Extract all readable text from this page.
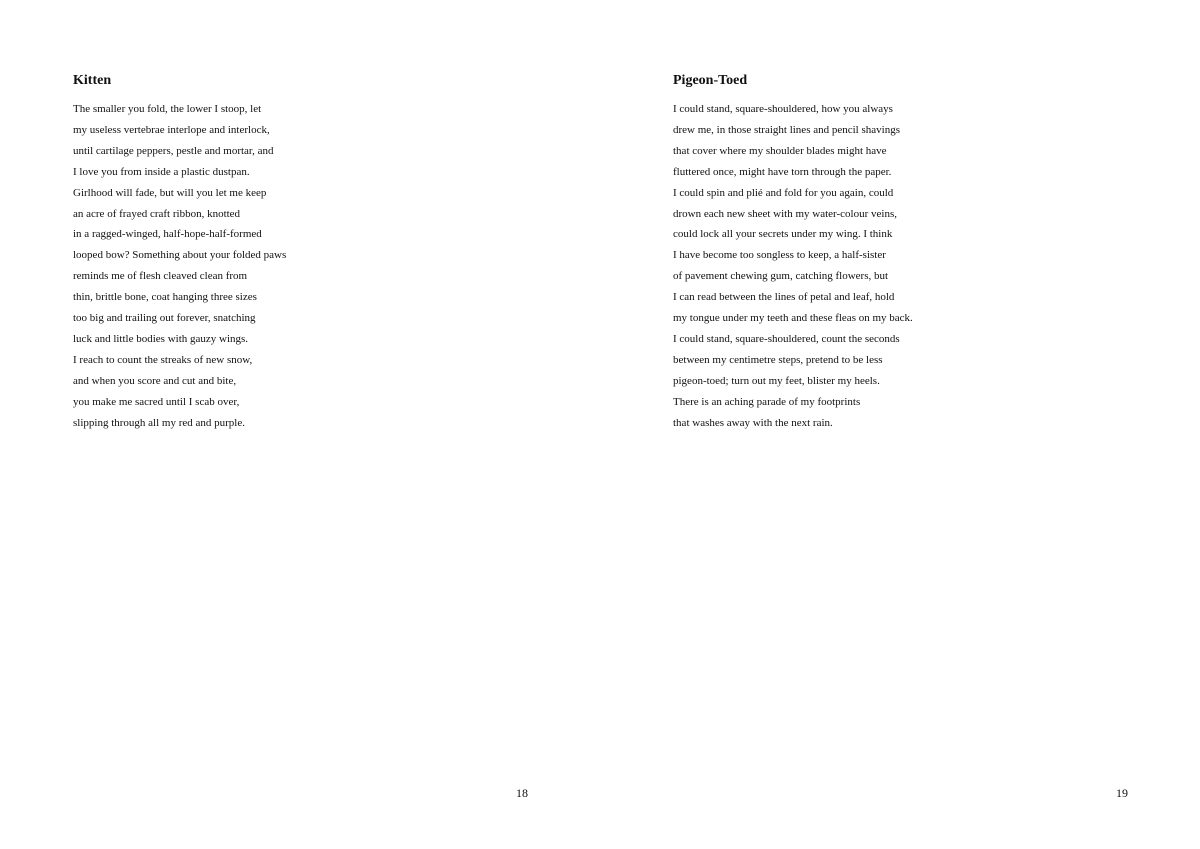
Kitten
The smaller you fold, the lower I stoop, let
my useless vertebrae interlope and interlock,
until cartilage peppers, pestle and mortar, and
I love you from inside a plastic dustpan.
Girlhood will fade, but will you let me keep
an acre of frayed craft ribbon, knotted
in a ragged-winged, half-hope-half-formed
looped bow? Something about your folded paws
reminds me of flesh cleaved clean from
thin, brittle bone, coat hanging three sizes
too big and trailing out forever, snatching
luck and little bodies with gauzy wings.
I reach to count the streaks of new snow,
and when you score and cut and bite,
you make me sacred until I scab over,
slipping through all my red and purple.
18
Pigeon-Toed
I could stand, square-shouldered, how you always
drew me, in those straight lines and pencil shavings
that cover where my shoulder blades might have
fluttered once, might have torn through the paper.
I could spin and plié and fold for you again, could
drown each new sheet with my water-colour veins,
could lock all your secrets under my wing. I think
I have become too songless to keep, a half-sister
of pavement chewing gum, catching flowers, but
I can read between the lines of petal and leaf, hold
my tongue under my teeth and these fleas on my back.
I could stand, square-shouldered, count the seconds
between my centimetre steps, pretend to be less
pigeon-toed; turn out my feet, blister my heels.
There is an aching parade of my footprints
that washes away with the next rain.
19
